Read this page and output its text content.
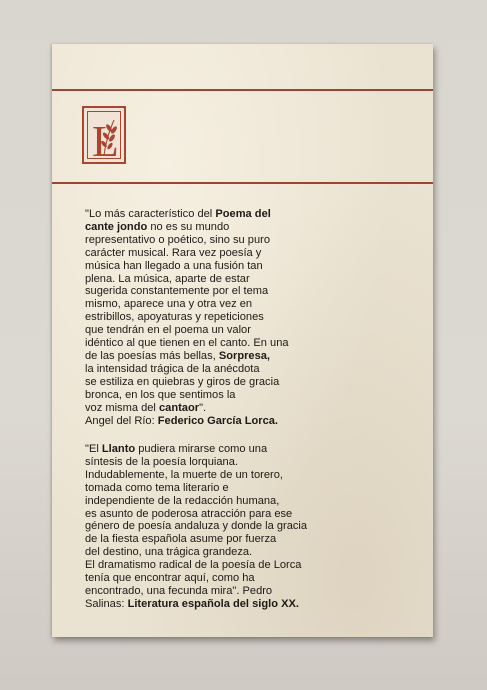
L
"Lo más característico del Poema del
cante jondo no es su mundo
representativo o poético, sino su puro
carácter musical. Rara vez poesía y
música han llegado a una fusión tan
plena. La música, aparte de estar
sugerida constantemente por el tema
mismo, aparece una y otra vez en
estribillos, apoyaturas y repeticiones
que tendrán en el poema un valor
idéntico al que tienen en el canto. En una
de las poesías más bellas, Sorpresa,
la intensidad trágica de la anécdota
se estiliza en quiebras y giros de gracia
bronca, en los que sentimos la
voz misma del cantaor".
Angel del Río: Federico García Lorca.
"El Llanto pudiera mirarse como una
síntesis de la poesía lorquiana.
Indudablemente, la muerte de un torero,
tomada como tema literario e
independiente de la redacción humana,
es asunto de poderosa atracción para ese
género de poesía andaluza y donde la gracia
de la fiesta española asume por fuerza
del destino, una trágica grandeza.
El dramatismo radical de la poesía de Lorca
tenía que encontrar aquí, como ha
encontrado, una fecunda mira". Pedro
Salinas: Literatura española del siglo XX.
